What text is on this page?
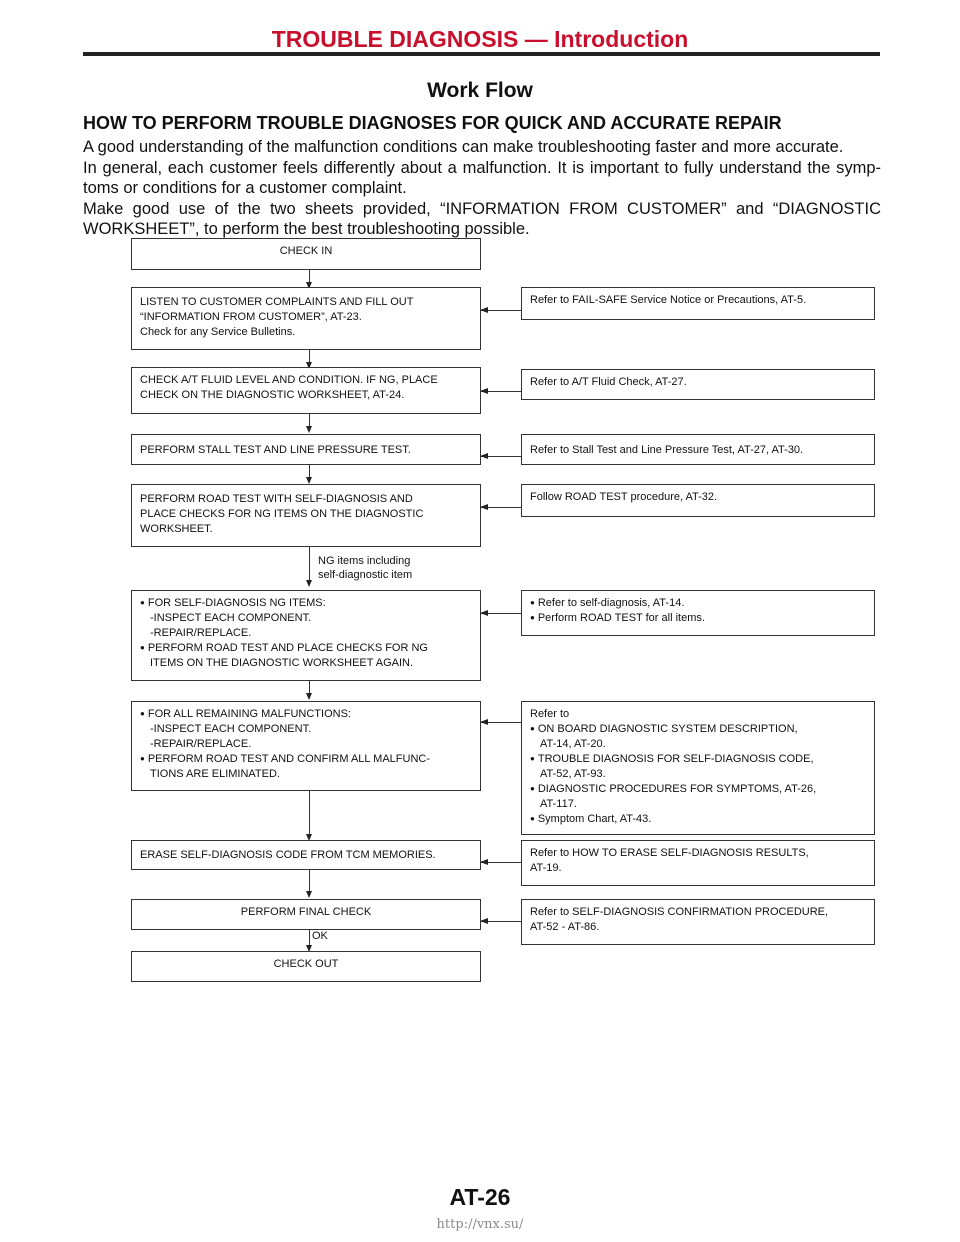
TROUBLE DIAGNOSIS — Introduction
Work Flow
HOW TO PERFORM TROUBLE DIAGNOSES FOR QUICK AND ACCURATE REPAIR

A good understanding of the malfunction conditions can make troubleshooting faster and more accurate.

In general, each customer feels differently about a malfunction. It is important to fully understand the symp-

toms or conditions for a customer complaint.

Make good use of the two sheets provided, “INFORMATION FROM CUSTOMER” and “DIAGNOSTIC

WORKSHEET”, to perform the best troubleshooting possible.

CHECK IN
LISTEN TO CUSTOMER COMPLAINTS AND FILL OUT
“INFORMATION FROM CUSTOMER”, AT-23.
Check for any Service Bulletins.
CHECK A/T FLUID LEVEL AND CONDITION. IF NG, PLACE
CHECK ON THE DIAGNOSTIC WORKSHEET, AT-24.
PERFORM STALL TEST AND LINE PRESSURE TEST.
PERFORM ROAD TEST WITH SELF-DIAGNOSIS AND
PLACE CHECKS FOR NG ITEMS ON THE DIAGNOSTIC
WORKSHEET.
NG items including
self-diagnostic item
● FOR SELF-DIAGNOSIS NG ITEMS:
-INSPECT EACH COMPONENT.
-REPAIR/REPLACE.
● PERFORM ROAD TEST AND PLACE CHECKS FOR NG
ITEMS ON THE DIAGNOSTIC WORKSHEET AGAIN.
● FOR ALL REMAINING MALFUNCTIONS:
-INSPECT EACH COMPONENT.
-REPAIR/REPLACE.
● PERFORM ROAD TEST AND CONFIRM ALL MALFUNC-
TIONS ARE ELIMINATED.
ERASE SELF-DIAGNOSIS CODE FROM TCM MEMORIES.
PERFORM FINAL CHECK
OK
CHECK OUT
Refer to FAIL-SAFE Service Notice or Precautions, AT-5.
Refer to A/T Fluid Check, AT-27.
Refer to Stall Test and Line Pressure Test, AT-27, AT-30.
Follow ROAD TEST procedure, AT-32.
● Refer to self-diagnosis, AT-14.
● Perform ROAD TEST for all items.
Refer to
● ON BOARD DIAGNOSTIC SYSTEM DESCRIPTION,
AT-14, AT-20.
● TROUBLE DIAGNOSIS FOR SELF-DIAGNOSIS CODE,
AT-52, AT-93.
● DIAGNOSTIC PROCEDURES FOR SYMPTOMS, AT-26,
AT-117.
● Symptom Chart, AT-43.
Refer to HOW TO ERASE SELF-DIAGNOSIS RESULTS,
AT-19.
Refer to SELF-DIAGNOSIS CONFIRMATION PROCEDURE,
AT-52 - AT-86.
AT-26
http://vnx.su/
